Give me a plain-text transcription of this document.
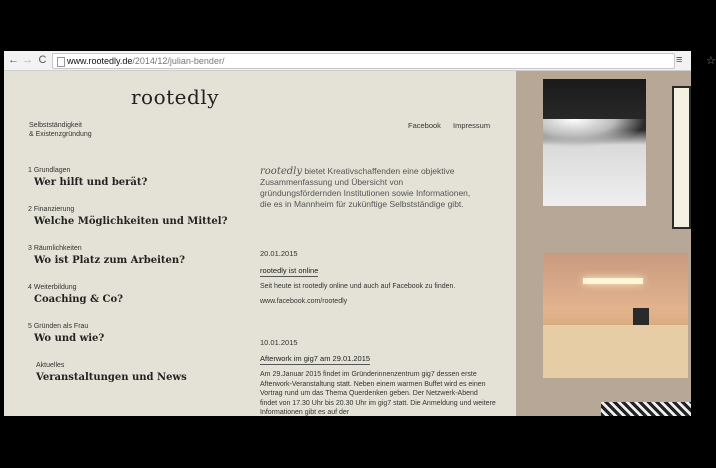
← → C www.rootedly.de/2014/12/julian-bender/	☆
≡
rootedly
Selbstständigkeit
& Existenzgründung
Facebook Impressum
1 Grundlagen
Wer hilft und berät?
2 Finanzierung
Welche Möglichkeiten und Mittel?
3 Räumlichkeiten
Wo ist Platz zum Arbeiten?
4 Weiterbildung
Coaching & Co?
5 Gründen als Frau
Wo und wie?
Aktuelles
Veranstaltungen und News
rootedly bietet Kreativschaffenden eine objektive Zusammenfassung und Übersicht von gründungsfördernden Institutionen sowie Informationen, die es in Mannheim für zukünftige Selbstständige gibt.
20.01.2015
rootedly ist online
Seit heute ist rootedly online und auch auf Facebook zu finden.
www.facebook.com/rootedly
10.01.2015
Afterwork im gig7 am 29.01.2015
Am 29.Januar 2015 findet im Gründerinnenzentrum gig7 dessen erste Afterwork-Veranstaltung statt. Neben einem warmen Buffet wird es einen Vortrag rund um das Thema Querdenken geben. Der Netzwerk-Abend findet von 17.30 Uhr bis 20.30 Uhr im gig7 statt. Die Anmeldung und weitere Informationen gibt es auf der
